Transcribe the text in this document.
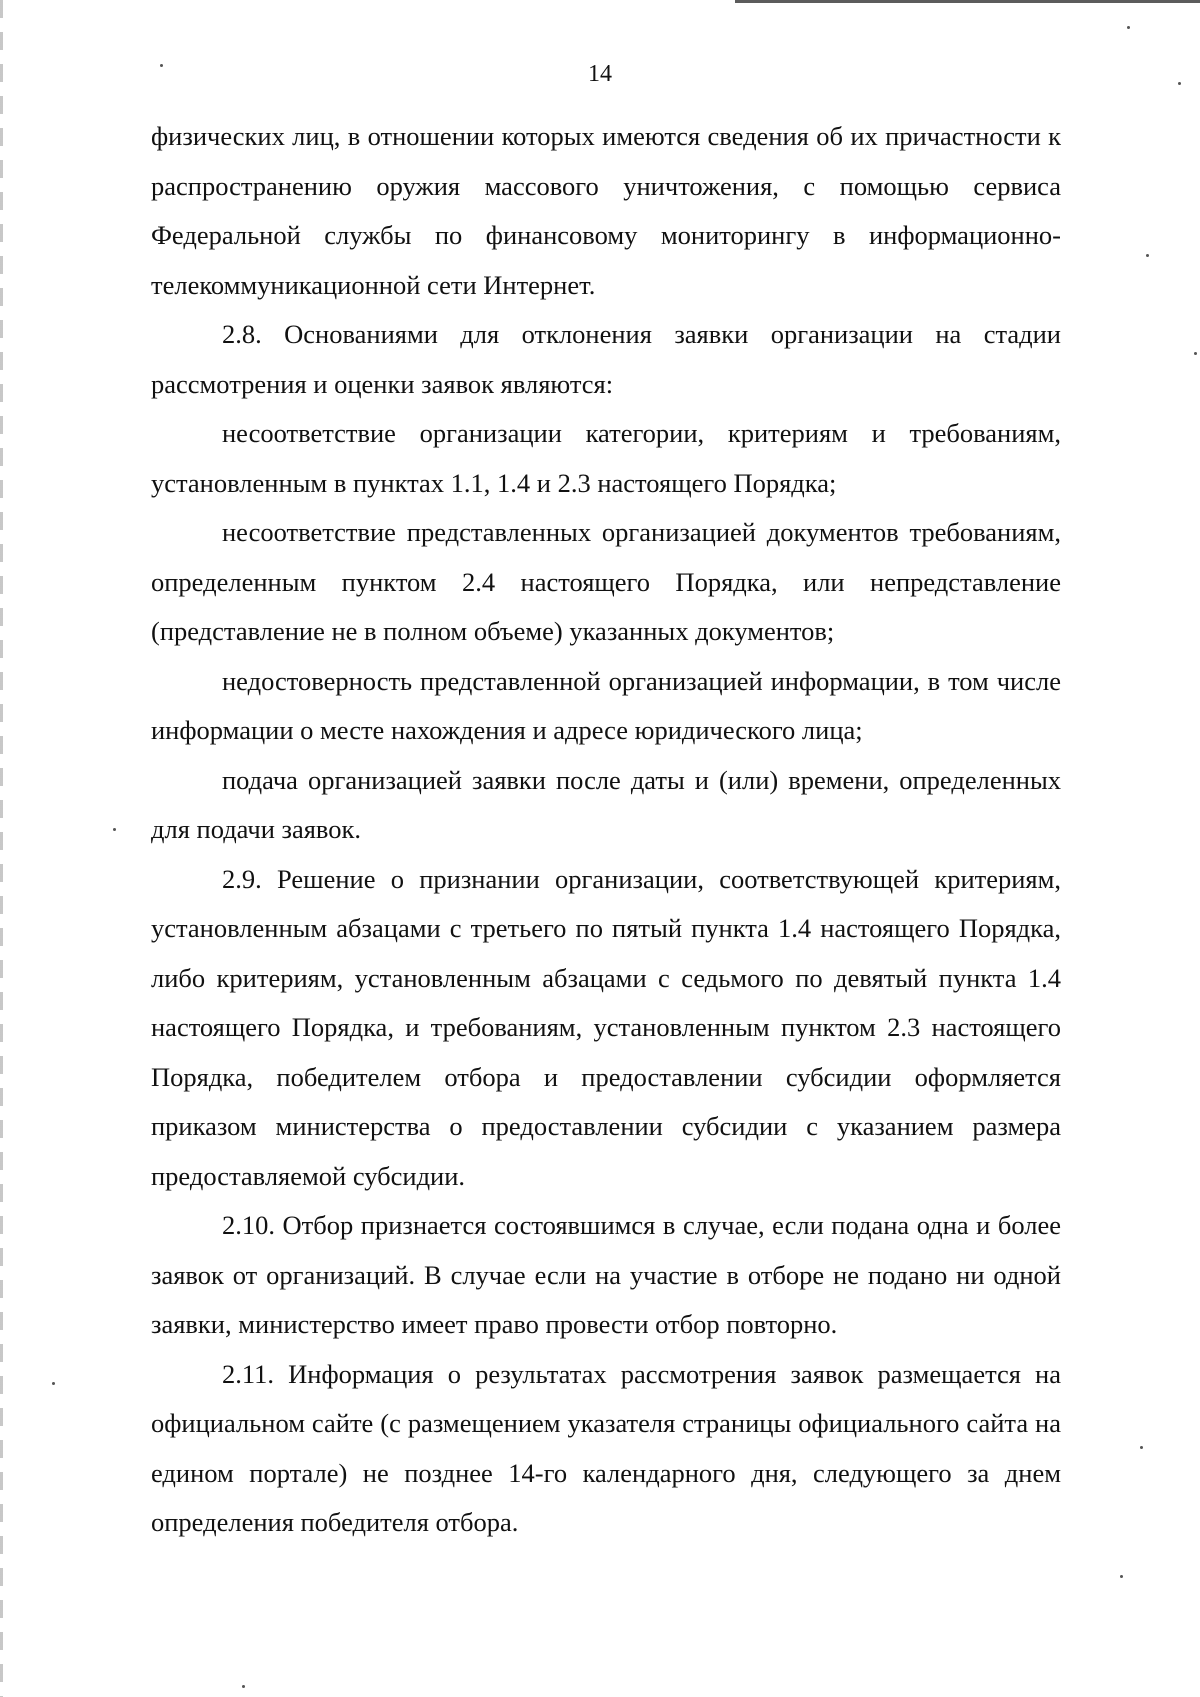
14

физических лиц, в отношении которых имеются сведения об их причастности к распространению оружия массового уничтожения, с помощью сервиса Федеральной службы по финансовому мониторингу в информационно-телекоммуникационной сети Интернет.

2.8. Основаниями для отклонения заявки организации на стадии рассмотрения и оценки заявок являются:

несоответствие организации категории, критериям и требованиям, установленным в пунктах 1.1, 1.4 и 2.3 настоящего Порядка;

несоответствие представленных организацией документов требованиям, определенным пунктом 2.4 настоящего Порядка, или непредставление (представление не в полном объеме) указанных документов;

недостоверность представленной организацией информации, в том числе информации о месте нахождения и адресе юридического лица;

подача организацией заявки после даты и (или) времени, определенных для подачи заявок.

2.9. Решение о признании организации, соответствующей критериям, установленным абзацами с третьего по пятый пункта 1.4 настоящего Порядка, либо критериям, установленным абзацами с седьмого по девятый пункта 1.4 настоящего Порядка, и требованиям, установленным пунктом 2.3 настоящего Порядка, победителем отбора и предоставлении субсидии оформляется приказом министерства о предоставлении субсидии с указанием размера предоставляемой субсидии.

2.10. Отбор признается состоявшимся в случае, если подана одна и более заявок от организаций. В случае если на участие в отборе не подано ни одной заявки, министерство имеет право провести отбор повторно.

2.11. Информация о результатах рассмотрения заявок размещается на официальном сайте (с размещением указателя страницы официального сайта на едином портале) не позднее 14-го календарного дня, следующего за днем определения победителя отбора.
